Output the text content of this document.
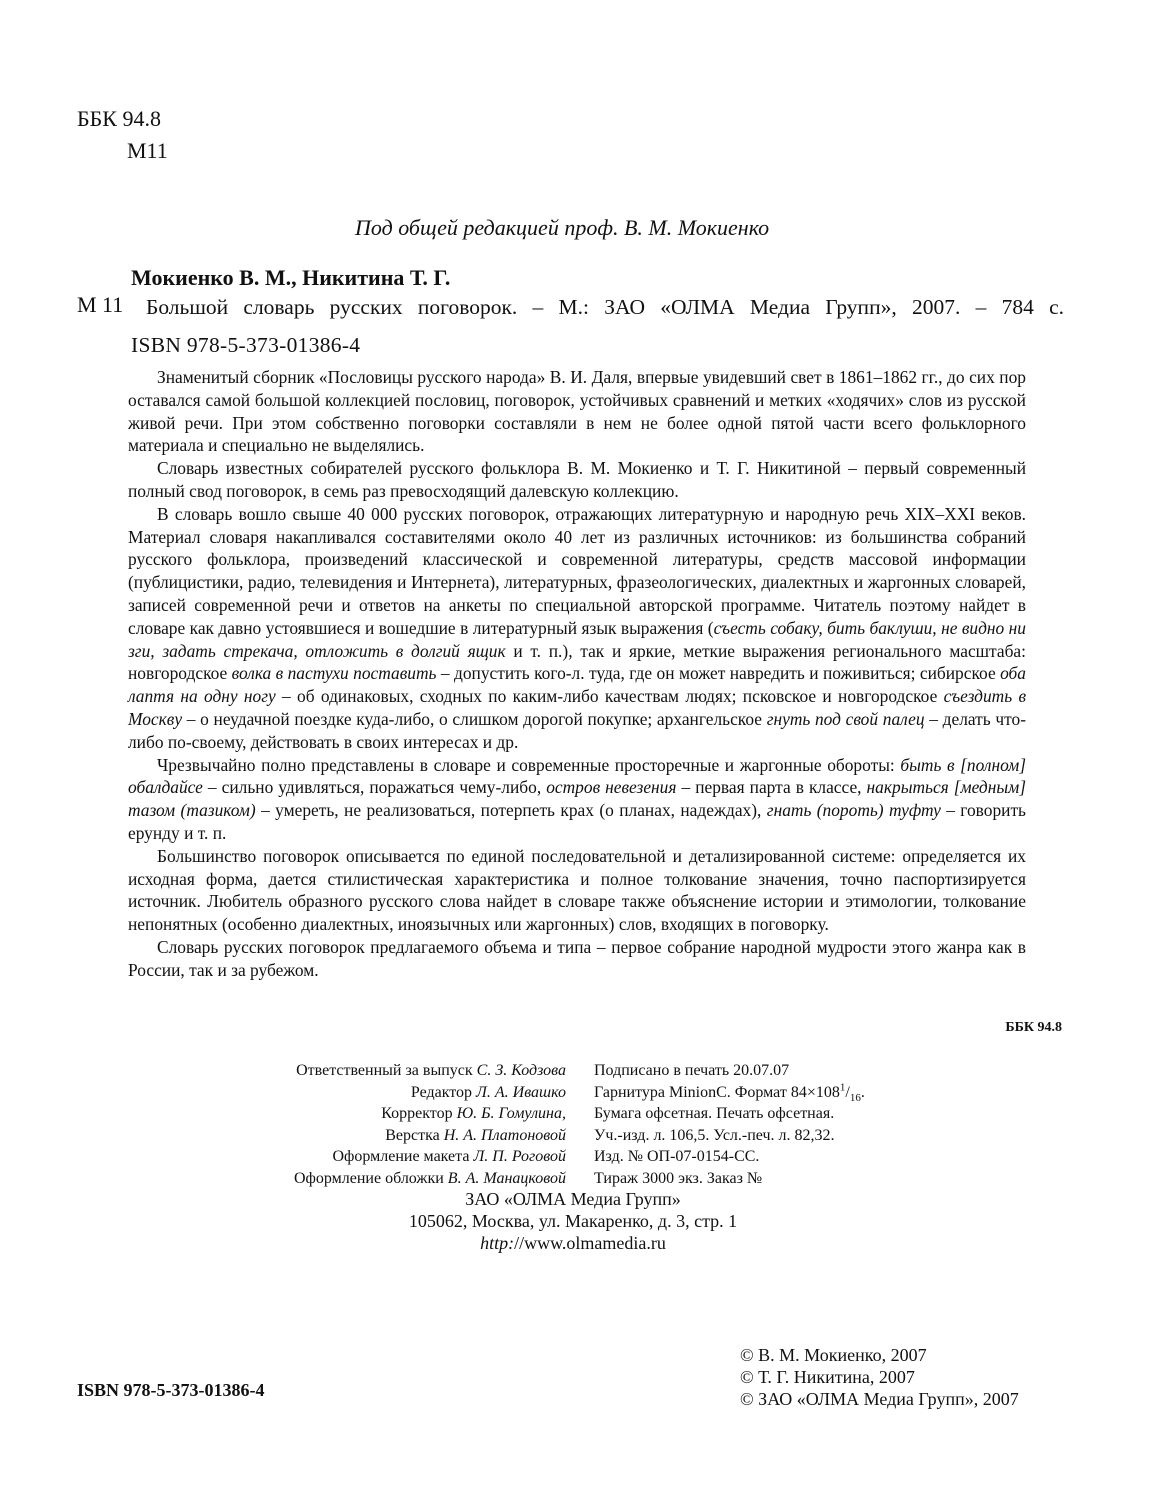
ББК 94.8
М11
Под общей редакцией проф. В. М. Мокиенко
Мокиенко В. М., Никитина Т. Г.
М 11 Большой словарь русских поговорок. – М.: ЗАО «ОЛМА Медиа Групп», 2007. – 784 с.
ISBN 978-5-373-01386-4

Знаменитый сборник «Пословицы русского народа» В. И. Даля, впервые увидевший свет в 1861–1862 гг., до сих пор оставался самой большой коллекцией пословиц, поговорок, устойчивых сравнений и метких «ходячих» слов из русской живой речи. При этом собственно поговорки составляли в нем не более одной пятой части всего фольклорного материала и специально не выделялись.

Словарь известных собирателей русского фольклора В. М. Мокиенко и Т. Г. Никитиной – первый современный полный свод поговорок, в семь раз превосходящий далевскую коллекцию.

В словарь вошло свыше 40 000 русских поговорок, отражающих литературную и народную речь XIX–XXI веков. Материал словаря накапливался составителями около 40 лет из различных источников: из большинства собраний русского фольклора, произведений классической и современной литературы, средств массовой информации (публицистики, радио, телевидения и Интернета), литературных, фразеологических, диалектных и жаргонных словарей, записей современной речи и ответов на анкеты по специальной авторской программе. Читатель поэтому найдет в словаре как давно устоявшиеся и вошедшие в литературный язык выражения (съесть собаку, бить баклуши, не видно ни зги, задать стрекача, отложить в долгий ящик и т. п.), так и яркие, меткие выражения регионального масштаба: новгородское волка в пастухи поставить – допустить кого-л. туда, где он может навредить и поживиться; сибирское оба лаптя на одну ногу – об одинаковых, сходных по каким-либо качествам людях; псковское и новгородское съездить в Москву – о неудачной поездке куда-либо, о слишком дорогой покупке; архангельское гнуть под свой палец – делать что-либо по-своему, действовать в своих интересах и др.

Чрезвычайно полно представлены в словаре и современные просторечные и жаргонные обороты: быть в [полном] обалдайсе – сильно удивляться, поражаться чему-либо, остров невезения – первая парта в классе, накрыться [медным] тазом (тазиком) – умереть, не реализоваться, потерпеть крах (о планах, надеждах), гнать (пороть) туфту – говорить ерунду и т. п.

Большинство поговорок описывается по единой последовательной и детализированной системе: определяется их исходная форма, дается стилистическая характеристика и полное толкование значения, точно паспортизируется источник. Любитель образного русского слова найдет в словаре также объяснение истории и этимологии, толкование непонятных (особенно диалектных, иноязычных или жаргонных) слов, входящих в поговорку.

Словарь русских поговорок предлагаемого объема и типа – первое собрание народной мудрости этого жанра как в России, так и за рубежом.

ББК 94.8
Ответственный за выпуск С. З. Кодзова
Редактор Л. А. Ивашко
Корректор Ю. Б. Гомулина,
Верстка Н. А. Платоновой
Оформление макета Л. П. Роговой
Оформление обложки В. А. Манацковой
Подписано в печать 20.07.07
Гарнитура MinionC. Формат $84\times 108^1/_{16}$.
Бумага офсетная. Печать офсетная.
Уч.-изд. л. 106,5. Усл.-печ. л. 82,32.
Изд. № ОП-07-0154-СС.
Тираж 3000 экз. Заказ №
ЗАО «ОЛМА Медиа Групп»
105062, Москва, ул. Макаренко, д. 3, стр. 1
http://www.olmamedia.ru
© В. М. Мокиенко, 2007
© Т. Г. Никитина, 2007
© ЗАО «ОЛМА Медиа Групп», 2007
ISBN 978-5-373-01386-4
